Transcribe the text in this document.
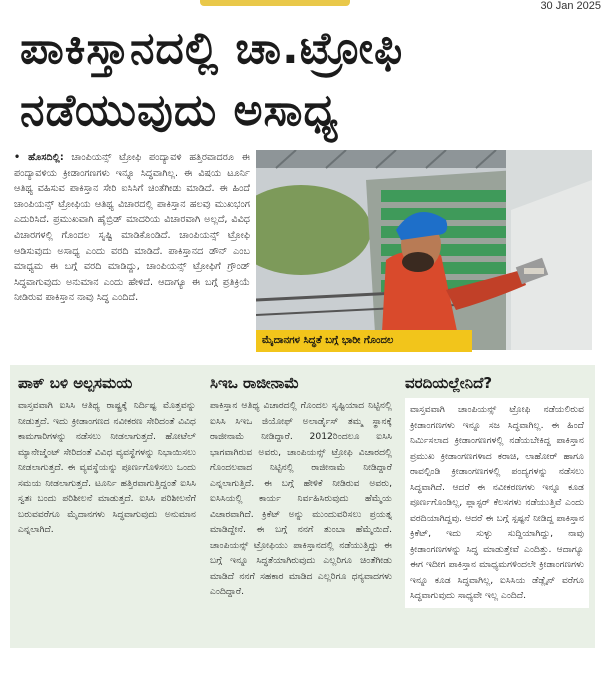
30 Jan 2025
ಪಾಕಿಸ್ತಾನದಲ್ಲಿ ಚಾ.ಟ್ರೋಫಿ
ನಡೆಯುವುದು ಅಸಾಧ್ಯ
• ಹೊಸದಿಲ್ಲಿ: ಚಾಂಪಿಯನ್ಸ್ ಟ್ರೋಫಿ ಪಂದ್ಯಾವಳಿ ಹತ್ತಿರವಾದರೂ ಈ ಪಂದ್ಯಾವಳಿಯ ಕ್ರೀಡಾಂಗಣಗಳು ಇನ್ನೂ ಸಿದ್ಧವಾಗಿಲ್ಲ. ಈ ವಿಷಯ ಟೂರ್ನಿ ಆತಿಥ್ಯ ವಹಿಸುವ ಪಾಕಿಸ್ತಾನ ಸೇರಿ ಐಸಿಸಿಗೆ ಚಿಂತೆಗೀಡು ಮಾಡಿದೆ. ಈ ಹಿಂದೆ ಚಾಂಪಿಯನ್ಸ್ ಟ್ರೋಫಿಯ ಆತಿಥ್ಯ ವಿಚಾರದಲ್ಲಿ ಪಾಕಿಸ್ತಾನ ಹಲವು ಮುಖಭಂಗ ಎದುರಿಸಿದೆ. ಪ್ರಮುಖವಾಗಿ ಹೈಬ್ರಿಡ್ ಮಾದರಿಯ ವಿಚಾರವಾಗಿ ಅಲ್ಲದೆ, ವಿವಿಧ ವಿಚಾರಗಳಲ್ಲಿ ಗೊಂದಲ ಸೃಷ್ಟಿ ಮಾಡಿಕೊಂಡಿದೆ. ಚಾಂಪಿಯನ್ಸ್ ಟ್ರೋಫಿ ಆಡಿಸುವುದು ಅಸಾಧ್ಯ ಎಂದು ವರದಿ ಮಾಡಿದೆ. ಪಾಕಿಸ್ತಾನದ ಡೌನ್ ಎಂಬ ಮಾಧ್ಯಮ ಈ ಬಗ್ಗೆ ವರದಿ ಮಾಡಿದ್ದು, ಚಾಂಪಿಯನ್ಸ್ ಟ್ರೋಫಿಗೆ ಗ್ರೌಂಡ್ ಸಿದ್ಧವಾಗುವುದು ಅನುಮಾನ ಎಂದು ಹೇಳಿದೆ. ಆದಾಗ್ಯೂ ಈ ಬಗ್ಗೆ ಪ್ರತಿಕ್ರಿಯೆ ನೀಡಿರುವ ಪಾಕಿಸ್ತಾನ ನಾವು ಸಿದ್ಧ ಎಂದಿದೆ.
ಮೈದಾನಗಳ ಸಿದ್ಧತೆ ಬಗ್ಗೆ ಭಾರೀ ಗೊಂದಲ
ಪಾಕ್ ಬಳಿ ಅಲ್ಪಸಮಯ

ವಾಸ್ತವವಾಗಿ ಐಸಿಸಿ ಆತಿಥ್ಯ ರಾಷ್ಟ್ರಕ್ಕೆ ನಿರ್ದಿಷ್ಟ ಮೊತ್ತವನ್ನು ನೀಡುತ್ತದೆ. ಇದು ಕ್ರೀಡಾಂಗಣದ ನವೀಕರಣ ಸೇರಿದಂತೆ ವಿವಿಧ ಕಾಮಗಾರಿಗಳನ್ನು ನಡೆಸಲು ನೀಡಲಾಗುತ್ತದೆ. ಹೋಟೆಲ್ ಮ್ಯಾನೇಜ್ಮೆಂಟ್ ಸೇರಿದಂತೆ ವಿವಿಧ ವ್ಯವಸ್ಥೆಗಳನ್ನು ನಿಭಾಯಿಸಲು ನೀಡಲಾಗುತ್ತದೆ. ಈ ವ್ಯವಸ್ಥೆಯನ್ನು ಪೂರ್ಣಗೊಳಿಸಲು ಒಂದು ಸಮಯ ನೀಡಲಾಗುತ್ತದೆ. ಟೂರ್ನಿ ಹತ್ತಿರವಾಗುತ್ತಿದ್ದಂತೆ ಐಸಿಸಿ ಸ್ವತಃ ಬಂದು ಪರಿಶೀಲನೆ ಮಾಡುತ್ತದೆ. ಐಸಿಸಿ ಪರಿಶೀಲನೆಗೆ ಬರುವವರೆಗೂ ಮೈದಾನಗಳು ಸಿದ್ಧವಾಗುವುದು ಅನುಮಾನ ಎನ್ನಲಾಗಿದೆ.

ಸಿಇಒ ರಾಜೀನಾಮೆ

ಪಾಕಿಸ್ತಾನ ಆತಿಥ್ಯ ವಿಚಾರದಲ್ಲಿ ಗೊಂದಲ ಸೃಷ್ಟಿಯಾದ ನಿಟ್ಟಿನಲ್ಲಿ ಐಸಿಸಿ ಸಿಇಒ ಜಿಯೋಫ್ ಅಲಾರ್ಡೈಸ್ ತಮ್ಮ ಸ್ಥಾನಕ್ಕೆ ರಾಜೀನಾಮೆ ನೀಡಿದ್ದಾರೆ. 2012ರಿಂದಲೂ ಐಸಿಸಿ ಭಾಗವಾಗಿರುವ ಅವರು, ಚಾಂಪಿಯನ್ಸ್ ಟ್ರೋಫಿ ವಿಚಾರದಲ್ಲಿ ಗೊಂದಲವಾದ ನಿಟ್ಟಿನಲ್ಲಿ ರಾಜೀನಾಮೆ ನೀಡಿದ್ದಾರೆ ಎನ್ನಲಾಗುತ್ತಿದೆ. ಈ ಬಗ್ಗೆ ಹೇಳಿಕೆ ನೀಡಿರುವ ಅವರು, ಐಸಿಸಿಯಲ್ಲಿ ಕಾರ್ಯ ನಿರ್ವಹಿಸಿರುವುದು ಹೆಮ್ಮೆಯ ವಿಚಾರವಾಗಿದೆ. ಕ್ರಿಕೆಟ್ ಅನ್ನು ಮುಂದುವರಿಸಲು ಪ್ರಯತ್ನ ಮಾಡಿದ್ದೇನೆ. ಈ ಬಗ್ಗೆ ನನಗೆ ತುಂಬಾ ಹೆಮ್ಮೆಯಿದೆ. ಚಾಂಪಿಯನ್ಸ್ ಟ್ರೋಫಿಯು ಪಾಕಿಸ್ತಾನದಲ್ಲಿ ನಡೆಯುತ್ತಿದ್ದು ಈ ಬಗ್ಗೆ ಇನ್ನೂ ಸಿದ್ಧತೆಯಾಗಿರುವುದು ಎಲ್ಲರಿಗೂ ಚಿಂತೆಗೀಡು ಮಾಡಿದೆ ನನಗೆ ಸಹಕಾರ ಮಾಡಿದ ಎಲ್ಲರಿಗೂ ಧನ್ಯವಾದಗಳು ಎಂದಿದ್ದಾರೆ.

ವರದಿಯಲ್ಲೇನಿದೆ?

ವಾಸ್ತವವಾಗಿ ಚಾಂಪಿಯನ್ಸ್ ಟ್ರೋಫಿ ನಡೆಯಲಿರುವ ಕ್ರೀಡಾಂಗಣಗಳು ಇನ್ನೂ ಸಜ ಸಿದ್ಧವಾಗಿಲ್ಲ. ಈ ಹಿಂದೆ ನಿರ್ಮಿಸಲಾದ ಕ್ರೀಡಾಂಗಣಗಳಲ್ಲಿ ನಡೆಯಬೇಕಿದ್ದ ಪಾಕಿಸ್ತಾನ ಪ್ರಮುಖ ಕ್ರೀಡಾಂಗಣಗಳಾದ ಕರಾಚಿ, ಲಾಹೋರ್ ಹಾಗೂ ರಾವಲ್ಪಿಂಡಿ ಕ್ರೀಡಾಂಗಣಗಳಲ್ಲಿ ಪಂದ್ಯಗಳನ್ನು ನಡೆಸಲು ಸಿದ್ಧವಾಗಿದೆ. ಆದರೆ ಈ ನವೀಕರಣಗಳು ಇನ್ನೂ ಕೂಡ ಪೂರ್ಣಗೊಂಡಿಲ್ಲ, ಪ್ಲಾಸ್ಟರ್ ಕೆಲಸಗಳು ನಡೆಯುತ್ತಿವೆ ಎಂದು ವರದಿಯಾಗಿದ್ದವು. ಆದರೆ ಈ ಬಗ್ಗೆ ಸ್ಪಷ್ಟನೆ ನೀಡಿದ್ದ ಪಾಕಿಸ್ತಾನ ಕ್ರಿಕೆಟ್, ಇದು ಸುಳ್ಳು ಸುದ್ದಿಯಾಗಿದ್ದು, ನಾವು ಕ್ರೀಡಾಂಗಣಗಳನ್ನು ಸಿದ್ಧ ಮಾಡುತ್ತೇವೆ ಎಂದಿತ್ತು. ಆದಾಗ್ಯೂ ಈಗ ಇದೀಗ ಪಾಕಿಸ್ತಾನ ಮಾಧ್ಯಮಗಳಿಂದಲೇ ಕ್ರೀಡಾಂಗಣಗಳು ಇನ್ನೂ ಕೂಡ ಸಿದ್ಧವಾಗಿಲ್ಲ, ಐಸಿಸಿಯ ಡೆಡ್ಲೈನ್ ವರೆಗೂ ಸಿದ್ಧವಾಗುವುದು ಸಾಧ್ಯವೇ ಇಲ್ಲ ಎಂದಿದೆ.
